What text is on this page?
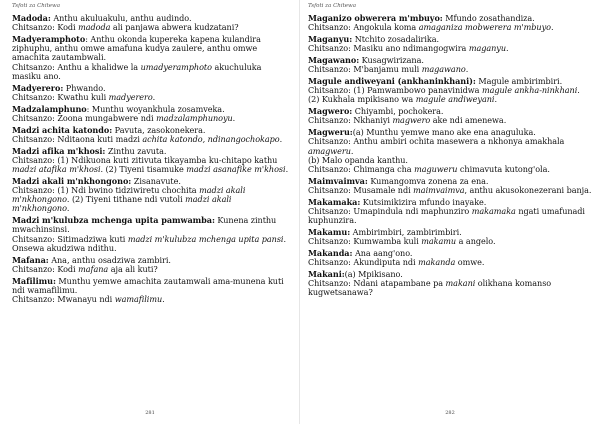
Tsfoti za Chitewa

Madoda: Anthu akuluakulu, anthu audindo.

Chitsanzo: Kodi madoda ali panjawa abwera kudzatani?

Madyeramphoto: Anthu okonda kupereka kapena kulandira ziphuphu, anthu omwe amafuna kudya zaulere, anthu omwe amachita zautambwali.

Chitsanzo: Anthu a khalidwe la umadyeramphoto akuchuluka masiku ano.

Madyerero: Phwando.

Chitsanzo: Kwathu kuli madyerero.

Madzalamphuno: Munthu woyankhula zosamveka.

Chitsanzo: Zoona mungabwere ndi madzalamphunoyu.

Madzi achita katondo: Pavuta, zasokonekera.

Chitsanzo: Nditaona kuti madzi achita katondo, ndinangochokapo.

Madzi afika m'khosi: Zinthu zavuta.

Chitsanzo: (1) Ndikuona kuti zitivuta tikayamba ku-chitapo kathu madzi atafika m'khosi. (2) Tiyeni tisamuke madzi asanafike m'khosi.

Madzi akali m'nkhongono: Zisanavute.

Chitsanzo: (1) Ndi bwino tidziwiretu chochita madzi akali m'nkhongono. (2) Tiyeni tithane ndi vutoli madzi akali m'nkhongono.

Madzi m'kulubza mchenga upita pamwamba: Kunena zinthu mwachinsinsi.

Chitsanzo: Sitimadziwa kuti madzi m'kulubza mchenga upita pansi. Onsewa akudziwa ndithu.

Mafana: Ana, anthu osadziwa zambiri.

Chitsanzo: Kodi mafana aja ali kuti?

Mafilimu: Munthu yemwe amachita zautamwali ama-munena kuti ndi wamafilimu.

Chitsanzo: Mwanayu ndi wamafilimu.

281
Tsfoti za Chitewa

Maganizo obwerera m'mbuyo: Mfundo zosathandiza.

Chitsanzo: Angokula koma amaganiza mobwerera m'mbuyo.

Maganyu: Ntchito zosadalirika.

Chitsanzo: Masiku ano ndimangogwira maganyu.

Magawano: Kusagwirizana.

Chitsanzo: M'banjamu muli magawano.

Magule andiweyani (ankhaninkhani): Magule ambirimbiri.

Chitsanzo: (1) Pamwambowo panavinidwa magule ankha-ninkhani. (2) Kukhala mpikisano wa magule andiweyani.

Magwero: Chiyambi, pochokera.

Chitsanzo: Nkhaniyi magwero ake ndi amenewa.

Magweru:(a) Munthu yemwe mano ake ena anaguluka.

Chitsanzo: Anthu ambiri ochita masewera a nkhonya amakhala amagweru.

(b) Malo opanda kanthu.

Chitsanzo: Chimanga cha maguweru chimavuta kutong'ola.

Maimvaimva: Kumangomva zonena za ena.

Chitsanzo: Musamale ndi maimvaimva, anthu akusokonezerani banja.

Makamaka: Kutsimikizira mfundo inayake.

Chitsanzo: Umapindula ndi maphunziro makamaka ngati umafunadi kuphunzira.

Makamu: Ambirimbiri, zambirimbiri.

Chitsanzo: Kumwamba kuli makamu a angelo.

Makanda: Ana aang'ono.

Chitsanzo: Akundiputa ndi makanda omwe.

Makani:(a) Mpikisano.

Chitsanzo: Ndani atapambane pa makani olikhana komanso kugwetsanawa?

282
